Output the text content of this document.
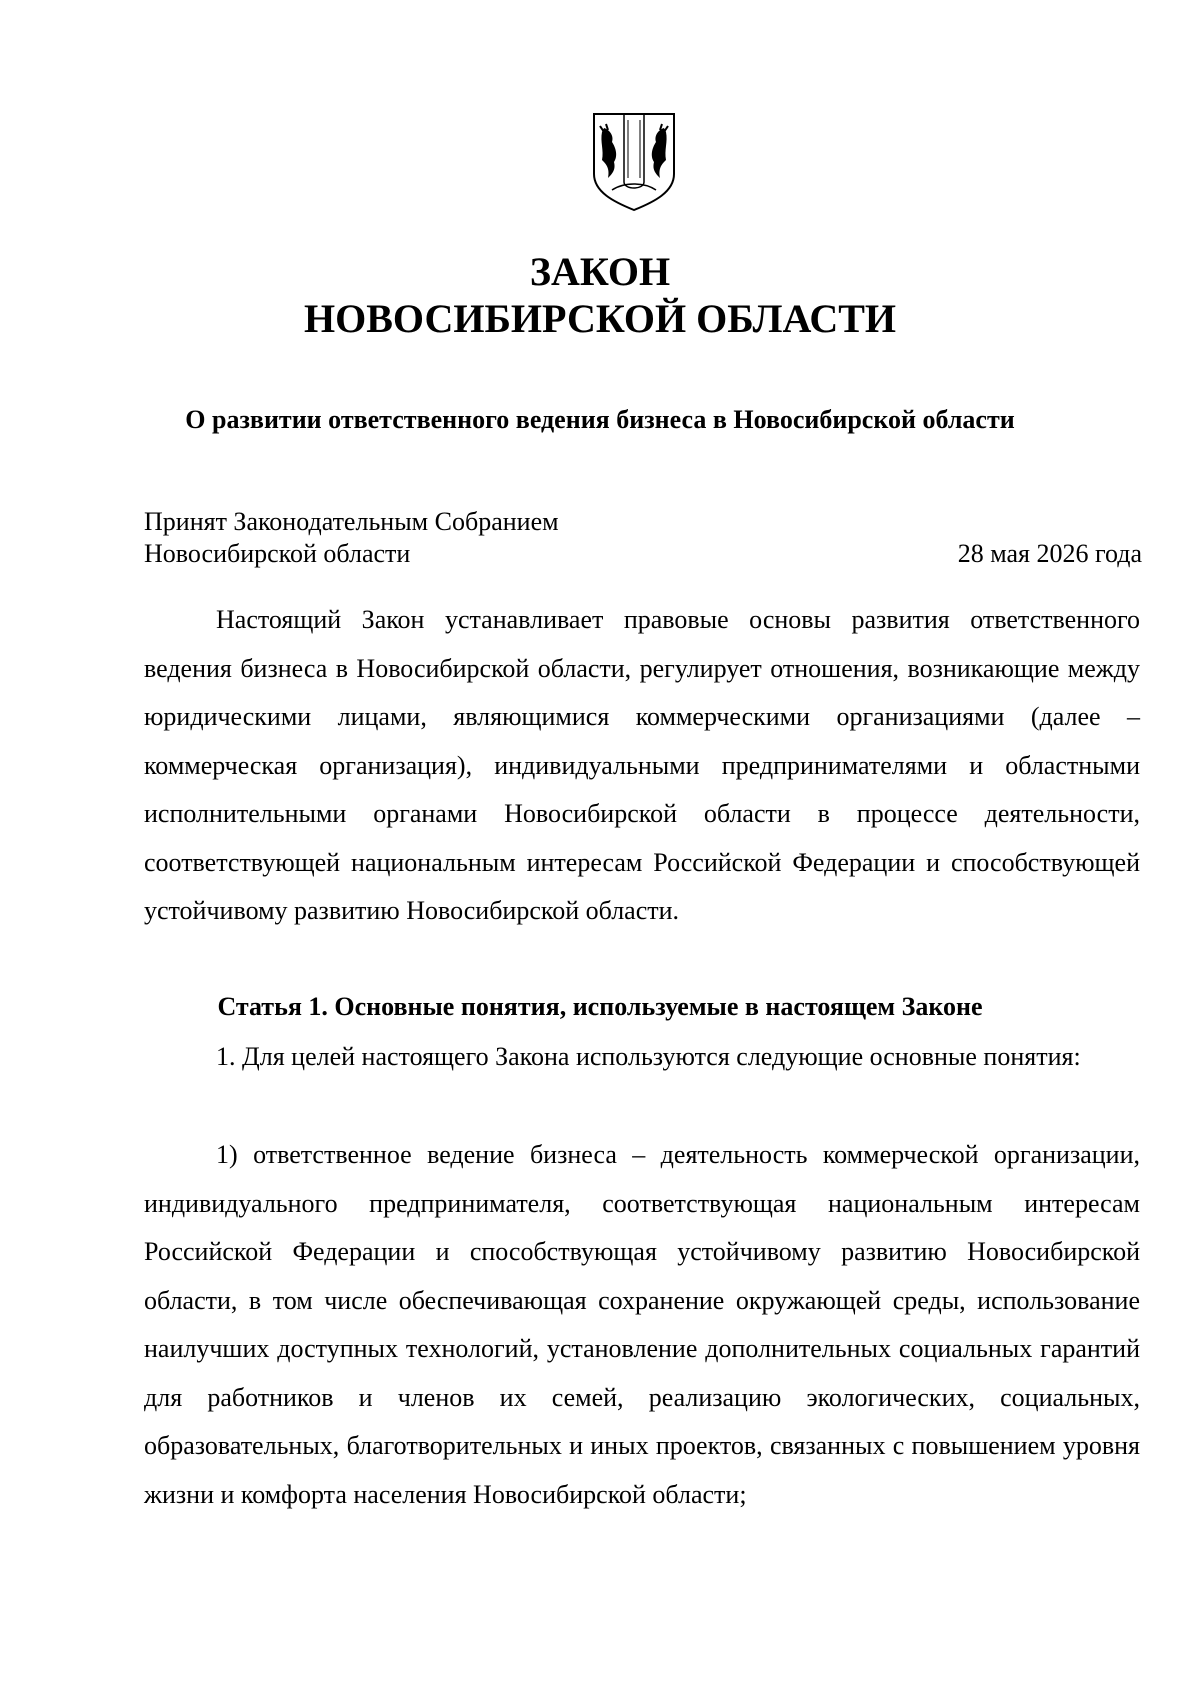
ЗАКОН
НОВОСИБИРСКОЙ ОБЛАСТИ
О развитии ответственного ведения бизнеса в Новосибирской области
Принят Законодательным Собранием
Новосибирской области	28 мая 2026 года

Настоящий Закон устанавливает правовые основы развития ответственного ведения бизнеса в Новосибирской области, регулирует отношения, возникающие между юридическими лицами, являющимися коммерческими организациями (далее – коммерческая организация), индивидуальными предпринимателями и областными исполнительными органами Новосибирской области в процессе деятельности, соответствующей национальным интересам Российской Федерации и способствующей устойчивому развитию Новосибирской области.

Статья 1. Основные понятия, используемые в настоящем Законе

1. Для целей настоящего Закона используются следующие основные понятия:

1) ответственное ведение бизнеса – деятельность коммерческой организации, индивидуального предпринимателя, соответствующая национальным интересам Российской Федерации и способствующая устойчивому развитию Новосибирской области, в том числе обеспечивающая сохранение окружающей среды, использование наилучших доступных технологий, установление дополнительных социальных гарантий для работников и членов их семей, реализацию экологических, социальных, образовательных, благотворительных и иных проектов, связанных с повышением уровня жизни и комфорта населения Новосибирской области;
